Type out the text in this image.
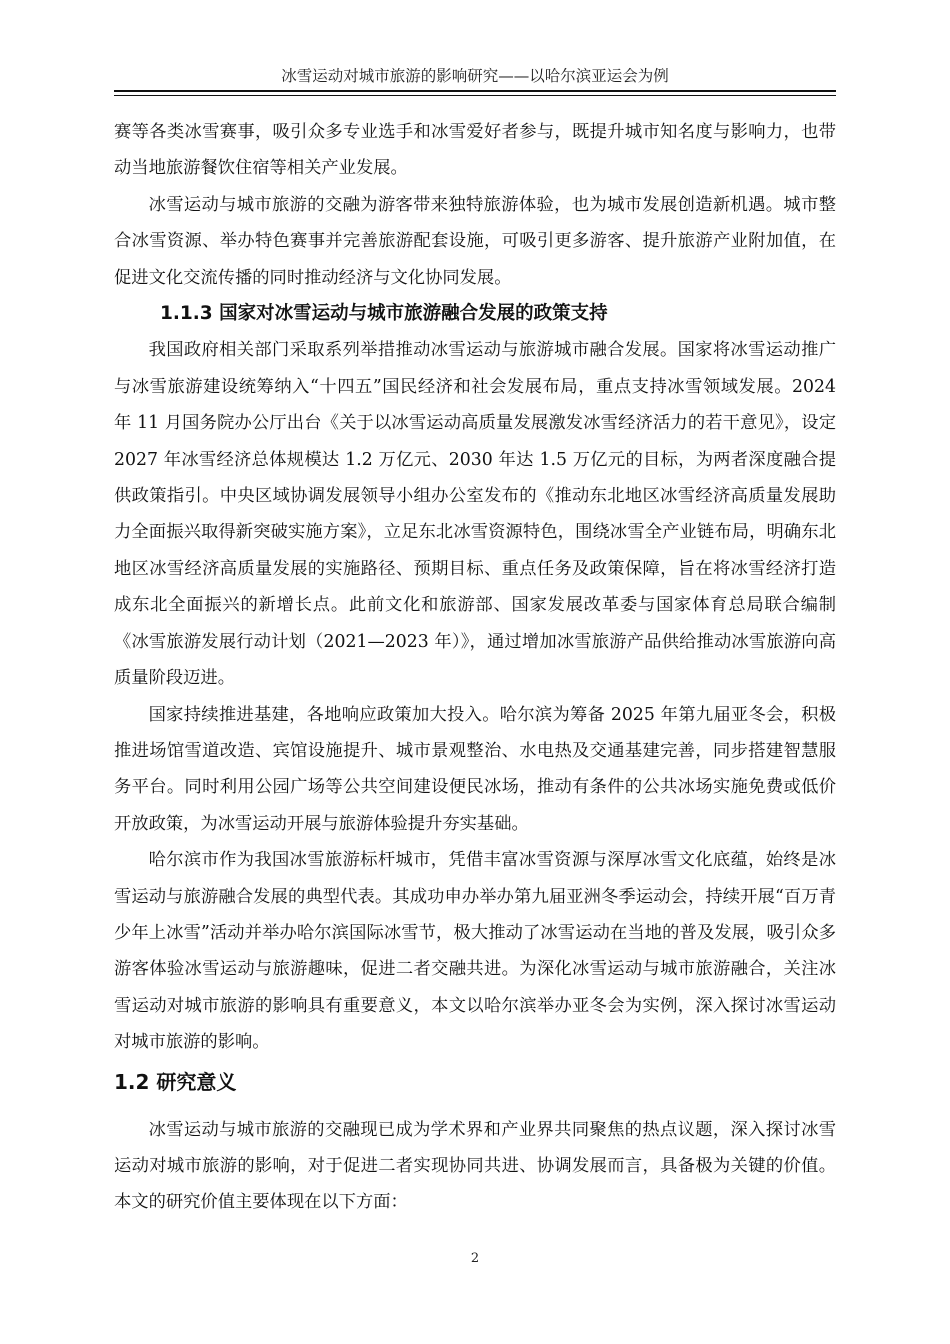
冰雪运动对城市旅游的影响研究——以哈尔滨亚运会为例

赛等各类冰雪赛事，吸引众多专业选手和冰雪爱好者参与，既提升城市知名度与影响力，也带动当地旅游餐饮住宿等相关产业发展。

冰雪运动与城市旅游的交融为游客带来独特旅游体验，也为城市发展创造新机遇。城市整合冰雪资源、举办特色赛事并完善旅游配套设施，可吸引更多游客、提升旅游产业附加值，在促进文化交流传播的同时推动经济与文化协同发展。

1.1.3 国家对冰雪运动与城市旅游融合发展的政策支持

我国政府相关部门采取系列举措推动冰雪运动与旅游城市融合发展。国家将冰雪运动推广与冰雪旅游建设统筹纳入“十四五”国民经济和社会发展布局，重点支持冰雪领域发展。2024 年 11 月国务院办公厅出台《关于以冰雪运动高质量发展激发冰雪经济活力的若干意见》，设定 2027 年冰雪经济总体规模达 1.2 万亿元、2030 年达 1.5 万亿元的目标，为两者深度融合提供政策指引。中央区域协调发展领导小组办公室发布的《推动东北地区冰雪经济高质量发展助力全面振兴取得新突破实施方案》，立足东北冰雪资源特色，围绕冰雪全产业链布局，明确东北地区冰雪经济高质量发展的实施路径、预期目标、重点任务及政策保障，旨在将冰雪经济打造成东北全面振兴的新增长点。此前文化和旅游部、国家发展改革委与国家体育总局联合编制《冰雪旅游发展行动计划（2021—2023 年）》，通过增加冰雪旅游产品供给推动冰雪旅游向高质量阶段迈进。

国家持续推进基建，各地响应政策加大投入。哈尔滨为筹备 2025 年第九届亚冬会，积极推进场馆雪道改造、宾馆设施提升、城市景观整治、水电热及交通基建完善，同步搭建智慧服务平台。同时利用公园广场等公共空间建设便民冰场，推动有条件的公共冰场实施免费或低价开放政策，为冰雪运动开展与旅游体验提升夯实基础。

哈尔滨市作为我国冰雪旅游标杆城市，凭借丰富冰雪资源与深厚冰雪文化底蕴，始终是冰雪运动与旅游融合发展的典型代表。其成功申办举办第九届亚洲冬季运动会，持续开展“百万青少年上冰雪”活动并举办哈尔滨国际冰雪节，极大推动了冰雪运动在当地的普及发展，吸引众多游客体验冰雪运动与旅游趣味，促进二者交融共进。为深化冰雪运动与城市旅游融合，关注冰雪运动对城市旅游的影响具有重要意义，本文以哈尔滨举办亚冬会为实例，深入探讨冰雪运动对城市旅游的影响。

1.2 研究意义

冰雪运动与城市旅游的交融现已成为学术界和产业界共同聚焦的热点议题，深入探讨冰雪运动对城市旅游的影响，对于促进二者实现协同共进、协调发展而言，具备极为关键的价值。本文的研究价值主要体现在以下方面：

2
